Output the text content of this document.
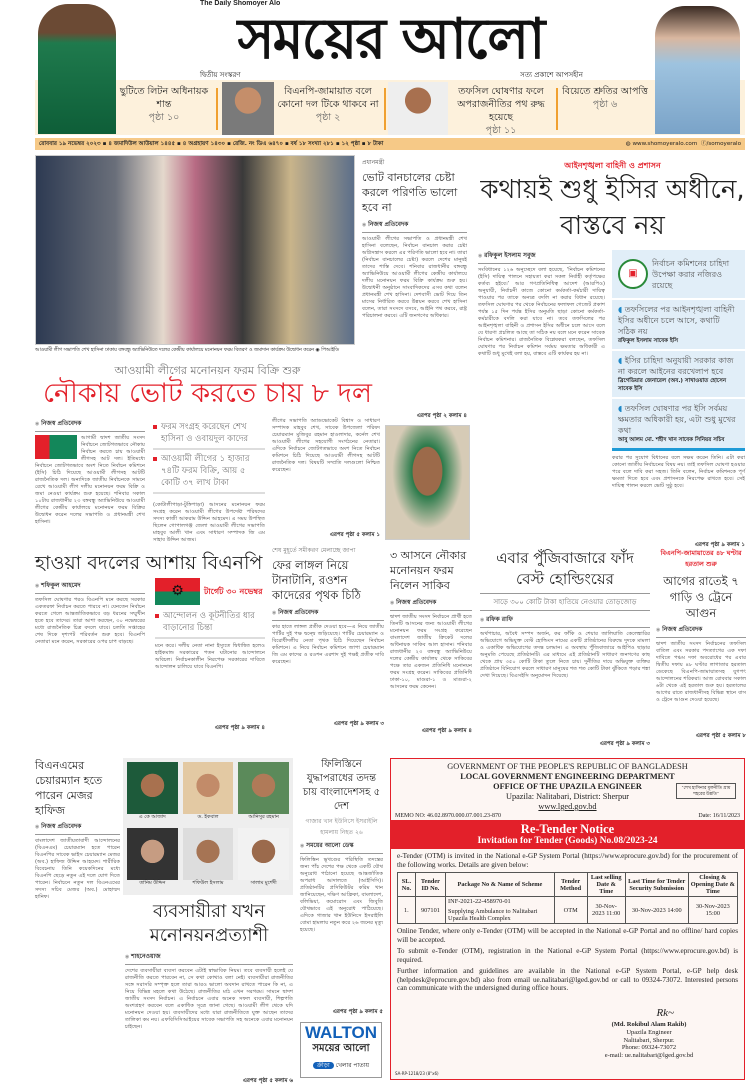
The Daily Shomoyer Alo
সময়ের আলো
দ্বিতীয় সংস্করণ	সত্য প্রকাশে আপসহীন
ছুটিতে লিটন অধিনায়ক শান্ত
পৃষ্ঠা ১০
বিএনপি-জামায়াত বলে কোনো দল টিকে থাকবে না
পৃষ্ঠা ২
তফসিল ঘোষণার ফলে অপরাজনীতির পথ রুদ্ধ হয়েছে
পৃষ্ঠা ১১
বিয়েতে শ্রুতির আপত্তি
পৃষ্ঠা ৬
রোববার ১৯ নভেম্বর ২০২৩ ▪ ৪ জমাদিউল আউয়াল ১৪৪৫ ▪ ৪ অগ্রহায়ণ ১৪৩০ ▪ রেজি. নং ডিএ ৬৪৭০ ▪ বর্ষ ১৮ সংখ্যা ২৮১ ▪ ১২ পৃষ্ঠা ▪ ৮ টাকা	◍ www.shomoyeralo.com ⓕ/somoyeralo
আওয়ামী লীগ সভাপতি শেখ হাসিনা ঢাকায় বঙ্গবন্ধু অ্যাভিনিউতে দলের কেন্দ্রীয় কার্যালয়ে মনোনয়ন ফরম বিতরণ ও জমাদান কার্যক্রম উদ্বোধন করেন ◉ পিআইডি
প্রধানমন্ত্রী
ভোট বানচালের চেষ্টা করলে পরিণতি ভালো হবে না
◉ নিজস্ব প্রতিবেদক
আওয়ামী লীগের সভাপতি ও প্রধানমন্ত্রী শেখ হাসিনা বলেছেন, নির্বাচন বানচাল করার চেষ্টা অগ্নিসন্ত্রাস করলে এর পরিণতি ভালো হবে না। তারা (নির্বাচন বানচালের চেষ্টা) করলে দেশের মানুষই তাদের শাস্তি দেবে। শনিবার রাজধানীর বঙ্গবন্ধু অ্যাভিনিউয়ে আওয়ামী লীগের কেন্দ্রীয় কার্যালয়ে দলীয় মনোনয়ন ফরম বিক্রি কার্যক্রম শুরু হয়। উদ্বোধনী অনুষ্ঠানে সাংবাদিকদের এসব কথা বলেন প্রধানমন্ত্রী শেখ হাসিনা। দেশবাসী ভোট দিয়ে তিন মাসের নির্ধারিত করবে উন্নয়ন করবে শেখ হাসিনা বলেন, তারা সংসদে বসবে, আইনি পথ করবে, রাষ্ট্র পরিচালনা করবে। এটি জনগণের অধিকার।
এরপর পৃষ্ঠা ২ কলাম ৪
আইনশৃঙ্খলা বাহিনী ও প্রশাসন
কথায়ই শুধু ইসির অধীনে, বাস্তবে নয়
◉ রফিকুল ইসলাম সবুজ
সংবিধানের ১২৬ অনুচ্ছেদে বলা হয়েছে, ‘নির্বাচন কমিশনের (ইসি) দায়িত্ব পালনে সহায়তা করা সকল নির্বাহী কর্তৃপক্ষের কর্তব্য হইবে।’ আর গণপ্রতিনিধিত্ব আদেশ (আরপিও) অনুযায়ী, নির্বাচনী কাজে কোনো কর্মকর্তা-কর্মচারী দায়িত্ব পাওয়ার পর তাকে অন্যত্র বদলি না করার বিধান রয়েছে। তফসিল ঘোষণার পর থেকে নির্বাচনের ফলাফল গেজেট প্রকাশ পর্যন্ত ১৫ দিন পর্যন্ত ইসির অনুমতি ছাড়া কোনো কর্মকর্তা-কর্মচারীকে বদলি করা যাবে না। তবে তফসিলের পর আইনশৃঙ্খলা বাহিনী ও প্রশাসন ইসির অধীনে চলে আসে বলে যে ধারণা প্রচলিত আছে তা সঠিক নয় বলে মনে করেন সাবেক নির্বাচন কমিশনার। রাজনৈতিক বিশ্লেষকরা বলছেন, তফসিল ঘোষণার পর নির্বাচন কমিশন সর্বময় ক্ষমতার অধিকারী এ কথাটি শুধু মুখেই বলা হয়, বাস্তবে এটি কার্যকর হয় না।
▣
নির্বাচন কমিশনের চাহিদা উপেক্ষা করার নজিরও রয়েছে
◖ তফসিলের পর আইনশৃঙ্খলা বাহিনী ইসির অধীনে চলে আসে, কথাটি সঠিক নয়
রফিকুল ইসলাম সাবেক ইসি
◖ ইসির চাহিদা অনুযায়ী সরকার কাজ না করলে আইনের বরখেলাপ হবে
ব্রিগেডিয়ার জেনারেল (অব.) সাখাওয়াত হোসেন সাবেক ইসি
◖ তফসিল ঘোষণার পর ইসি সর্বময় ক্ষমতার অধিকারী হয়, এটা শুধু মুখের কথা
আবু আলম মো. শহীদ খান সাবেক সিনিয়র সচিব
করার পর সুযোগ বিধানের বলে সক্ষম করেন তিনি। এটা করা কোনো জাতীয় নির্বাচনের বিষয় নয়। তাই তফসিল ঘোষণা হওয়ার পরে বলে দাবি করা সহজ। তিনি বলেন, নির্বাচন কমিশনকে পূর্ণ ক্ষমতা দিতে হবে এবং প্রশাসনকে নিরপেক্ষ রাখতে হবে। সেই দায়িত্ব পালন করলে ভোট সুষ্ঠু হবে।
এরপর পৃষ্ঠা ৯ কলাম ১
আওয়ামী লীগের মনোনয়ন ফরম বিক্রি শুরু
নৌকায় ভোট করতে চায় ৮ দল
◉ নিজস্ব প্রতিবেদক
আগামী দ্বাদশ জাতীয় সংসদ নির্বাচনে জোটগতভাবে নৌকায় নির্বাচন করতে চায় আওয়ামী লীগসহ আট দল। ইতিমধ্যে নির্বাচনে জোটগতভাবে অংশ নিতে নির্বাচন কমিশনে (ইসি) চিঠি দিয়েছে আওয়ামী লীগসহ আটটি রাজনৈতিক দল। অন্যদিকে জাতীয় নির্বাচনকে সামনে রেখে আওয়ামী লীগ দলীয় মনোনয়ন ফরম বিক্রি ও জমা নেওয়া কার্যক্রম শুরু হয়েছে। শনিবার সকাল ১০টায় রাজধানীর ২৩ বঙ্গবন্ধু অ্যাভিনিউয়ে আওয়ামী লীগের কেন্দ্রীয় কার্যালয়ে মনোনয়ন ফরম বিক্রির উদ্বোধন করেন দলের সভাপতি ও প্রধানমন্ত্রী শেখ হাসিনা।
ফরম সংগ্রহ করেছেন শেখ হাসিনা ও ওবায়দুল কাদের
আওয়ামী লীগের ১ হাজার ৭৪টি ফরম বিক্রি, আয় ৫ কোটি ৩৭ লাখ টাকা
(কোটালীপাড়া-টুঙ্গিপাড়া) আসনের মনোনয়ন ফরম সংগ্রহ করেন আওয়ামী লীগের উপদেষ্টা পরিষদের সদস্য কাজী আকরাম উদ্দিন আহমেদ। এ সময় উপস্থিত ছিলেন গোপালগঞ্জ জেলা আওয়ামী লীগের সভাপতি মাহবুব আলী খান এবং সাধারণ সম্পাদক জি এম সাহাব উদ্দিন আজম।
লীগের সভাপতি অ্যাডভোকেট বিশ্বাস ও সাধারণ সম্পাদক মাহবুব শেখ, সাবেক উপজেলা পরিষদ চেয়ারম্যান মুজিবুর রহমান হাওলাদার, কর্নেল শেখ আওয়ামী লীগের সহযোগী সংগঠনের নেতারা। এদিকে নির্বাচনে জোটগতভাবে অংশ নিতে নির্বাচন কমিশনে চিঠি দিয়েছে আওয়ামী লীগসহ আটটি রাজনৈতিক দল। বিষয়টি সম্প্রতি দলগুলো নিশ্চিত করেছেন।
এরপর পৃষ্ঠা ৫ কলাম ১
৩ আসনে নৌকার মনোনয়ন ফরম নিলেন সাকিব
◉ নিজস্ব প্রতিবেদক
দ্বাদশ জাতীয় সংসদ নির্বাচনে প্রার্থী হতে তিনটি আসনের জন্য আওয়ামী লীগের মনোনয়ন ফরম সংগ্রহ করেছেন বাংলাদেশ জাতীয় ক্রিকেট দলের অধিনায়ক সাকিব আল হাসান। শনিবার রাজধানীর ২৩ বঙ্গবন্ধু অ্যাভিনিউয়ে দলের কেন্দ্রীয় কার্যালয় থেকে সাকিবের পক্ষে তার একজন প্রতিনিধি মনোনয়ন ফরম সংগ্রহ করেন। সাকিবের প্রতিনিধি ঢাকা-১০, মাগুরা-১ ও মাগুরা-২ আসনের ফরম কেনেন।
এরপর পৃষ্ঠা ৯ কলাম ৪
হাওয়া বদলের আশায় বিএনপি
◉ শফিকুল আহমেদ
তফসিল ঘোষণার পরও বিএনপি মনে করছে সরকার একতরফা নির্বাচন করতে পারবে না। যেনতেন নির্বাচন করতে গেলে আন্তর্জাতিকভাবে বড় ধরনের সম্মুখীন হতে হবে তাদের। তারা আশা করছেন, ৩০ নভেম্বরের মধ্যে রাজনৈতিক চিত্র বদলে যাবে। চলতি সপ্তাহের শেষ দিকে দৃশ্যপট পরিবর্তন শুরু হবে। বিএনপি নেতারা মনে করেন, সরকারের ওপর চাপ বাড়ছে।
⚙	টার্গেট ৩০ নভেম্বর
আন্দোলন ও কূটনীতির ধার বাড়ানোর চিন্তা
মনে করে। দলীয় নেতা নানা ইস্যুতে দ্বিধান্বিত হলেও হাইকমান্ড সরকারের পতন ঘটানোর আন্দোলনে অবিচল। নির্বাচনকালীন নিরপেক্ষ সরকারের দাবিতে আন্দোলন চালিয়ে যাবে বিএনপি।
এরপর পৃষ্ঠা ৯ কলাম ৪
শেষ মুহূর্তে সমীকরণ মেলাচ্ছে জাপা
ফের লাঙ্গল নিয়ে টানাটানি, রওশন কাদেরের পৃথক চিঠি
◉ নিজস্ব প্রতিবেদক
কার হাতে লাঙ্গল প্রতীক দেওয়া হবে—এ নিয়ে জাতীয় পার্টির দুই পক্ষ দ্বন্দ্বে জড়িয়েছে। পার্টির চেয়ারম্যান ও বিরোধীদলীয় নেতা পৃথক চিঠি দিয়েছেন নির্বাচন কমিশনে। এ নিয়ে নির্বাচন কমিশনে জাপা চেয়ারম্যান জি এম কাদের ও রওশন এরশাদ দুই পক্ষই প্রতীক দাবি করেছেন।
এরপর পৃষ্ঠা ৯ কলাম ৩
এবার পুঁজিবাজারে ফাঁদ বেস্ট হোল্ডিংয়ের
সাড়ে ৩০০ কোটি টাকা হাতিয়ে নেওয়ার তোড়জোড়
◉ রফিক রাফি
অর্থপাচার, অবৈধ সম্পদ অর্জন, কর ফাঁকি ও শেয়ার জালিয়াতি কেলেঙ্কারির অভিযোগে অভিযুক্ত বেস্ট হোল্ডিংস নামের একটি প্রতিষ্ঠানের বিরুদ্ধে দুদকে মামলা ও একাধিক অভিযোগের তদন্ত চলমান। এ অবস্থায় পুঁজিবাজারে আইপিও ছাড়ার অনুমতি পেয়েছে প্রতিষ্ঠানটি। এর মাধ্যমে এই প্রতিষ্ঠানটি সাধারণ জনগণের কাছ থেকে প্রায় ৩৫০ কোটি টাকা তুলে নিতে চায়। দুর্নীতির দায়ে অভিযুক্ত ব্যক্তির প্রতিষ্ঠানে বিনিয়োগ করলে সাধারণ মানুষের শত শত কোটি টাকা ঝুঁকিতে পড়ার শঙ্কা দেখা দিয়েছে। বিএসইসি অনুমোদন দিয়েছে।
এরপর পৃষ্ঠা ৯ কলাম ৩
বিএনপি-জামায়াতের ৪৮ ঘণ্টার হরতাল শুরু
আগের রাতেই ৭ গাড়ি ও ট্রেনে আগুন
◉ নিজস্ব প্রতিবেদক
দ্বাদশ জাতীয় সংসদ নির্বাচনের তফসিল বাতিল এবং সরকার পদত্যাগের এক দফা দাবিতে পঞ্চম দফা অবরোধের পর এবার দ্বিতীয় দফায় ৪৮ ঘণ্টার লাগাতার হরতাল ডেকেছে বিএনপি-জামায়াতসহ যুগপৎ আন্দোলনের শরিকরা। আজ রোববার সকাল ৬টা থেকে এই হরতাল শুরু হয়। হরতালের আগের রাতে রাজধানীসহ বিভিন্ন স্থানে বাস ও ট্রেনে আগুন দেওয়া হয়েছে।
এরপর পৃষ্ঠা ৫ কলাম ৮
বিএনএমের চেয়ারম্যান হতে পারেন মেজর হাফিজ
◉ নিজস্ব প্রতিবেদক
বাংলাদেশ জাতীয়তাবাদী আন্দোলনের (বিএনএম) চেয়ারম্যান হতে পারেন বিএনপির সাবেক ভাইস চেয়ারম্যান মেজর (অব.) হাফিজ উদ্দিন আহমেদ। শারীরিক বিবেচনায় তিনি কয়েকদিনের মধ্যে বিএনপি ছেড়ে নতুন এই দলে যোগ দিতে পারেন। নির্বাচনে নতুন দল বিএনএমের সদস্য সচিব মেজর (অব.) মোহাম্মদ হানিফ।
এ কে আজাদ	ড. ইকবাল	আনিসুর রহমান
তানিম উদ্দিন	শফিউল ইসলাম	সালাম মুর্শেদী
ফিলিস্তিনে যুদ্ধাপরাধের তদন্ত চায় বাংলাদেশসহ ৫ দেশ
গাজার খান ইউনিসে ইসরাইলি হামলায় নিহত ২৬
◉ সময়ের আলো ডেস্ক
ফিলিস্তিন ভূখণ্ডের পরিস্থিতি তদন্তের জন্য পাঁচ দেশের পক্ষ থেকে একটি যৌথ অনুরোধ পাঠানো হয়েছে আন্তর্জাতিক অপরাধ আদালতে (আইসিসি)। প্রতিষ্ঠানটির প্রসিকিউটর করিম খান জানিয়েছেন, দক্ষিণ আফ্রিকা, বাংলাদেশ, বলিভিয়া, কমোরোস এবং জিবুতি যৌথভাবে এই অনুরোধ পাঠিয়েছে। এদিকে গাজার খান ইউনিসে ইসরাইলি বোমা হামলায় নতুন করে ২৬ জনের মৃত্যু হয়েছে।
এরপর পৃষ্ঠা ৯ কলাম ৫
ব্যবসায়ীরা যখন মনোনয়নপ্রত্যাশী
◉ শাহনেওয়াজ
দেশের ব্যবসায়ীরা ব্যবসা করবেন এটাই স্বাভাবিক নিয়ম। তবে ব্যবসায়ী হলেই যে রাজনীতি করতে পারবেন না, সে কথা কোথাও বলা নেই। ব্যবসায়ীরা রাজনীতির সঙ্গে সরাসরি সম্পৃক্ত হলে তারা আরও ভালো অবদান রাখতে পারেন কি না, এ নিয়ে বিভিন্ন মহলে কথা উঠেছে। রাজনীতির মাঠ এখন সরগরম। সামনে দ্বাদশ জাতীয় সংসদ নির্বাচন। এ নির্বাচনে এবার অনেক সফল ব্যবসায়ী, শিল্পপতি অংশগ্রহণ করবেন বলে একাধিক সূত্রে জানা গেছে। আওয়ামী লীগ থেকে যদি মনোনয়ন দেওয়া হয়। ব্যবসায়ীদের মধ্যে যারা রাজনীতিতে যুক্ত আছেন তাদের তালিকা কম নয়। এফবিসিসিআইয়ের সাবেক সভাপতি সহ অনেকে এবার মনোনয়ন চাইছেন।
এরপর পৃষ্ঠা ৫ কলাম ৬
WALTON
সময়ের আলো
ক্রীড়া খেলার পাতায়
GOVERNMENT OF THE PEOPLE'S REPUBLIC OF BANGLADESH
LOCAL GOVERNMENT ENGINEERING DEPARTMENT
OFFICE OF THE UPAZILA ENGINEER
Upazila: Nalitabari, District: Sherpur
www.lged.gov.bd
"শেখ হাসিনার মূলনীতি গ্রাম শহরের উন্নতি"
MEMO NO: 46.02.8970.000.07.001.23-870	Date: 16/11/2023
Re-Tender Notice
Invitation for Tender (Goods) No.08/2023-24

e-Tender (OTM) is invited in the National e-GP System Portal (https://www.eprocure.gov.bd) for the procurement of the following works. Details are given below:

SL. No.	Tender ID No.	Package No & Name of Scheme	Tender Method	Last selling Date & Time	Last Time for Tender Security Submission	Closing & Opening Date & Time
1.	907101	INF-2021-22-458970-01
Supplying Ambulance to Nalitabari Upazila Health Complex	OTM	30-Nov-2023 11:00	30-Nov-2023 14:00	30-Nov-2023 15:00

Online Tender, where only e-Tender (OTM) will be accepted in the National e-GP Portal and no offline/ hard copies will be accepted.

To submit e-Tender (OTM), registration in the National e-GP System Portal (https://www.eprocure.gov.bd) is required.

Further information and guidelines are available in the National e-GP System Portal, e-GP help desk (helpdesk@eprocure.gov.bd) also from email ue.nalitabari@lged.gov.bd or call to 09324-73072. Interested persons can communicate with the undersigned during office hours.

Rk~
(Md. Rokibul Alam Rakib)
Upazila Engineer
Nalitabari, Sherpur.
Phone: 09324-73072
e-mail: ue.nalitabari@lged.gov.bd
SA-RP-1218/23 (8"x6)
